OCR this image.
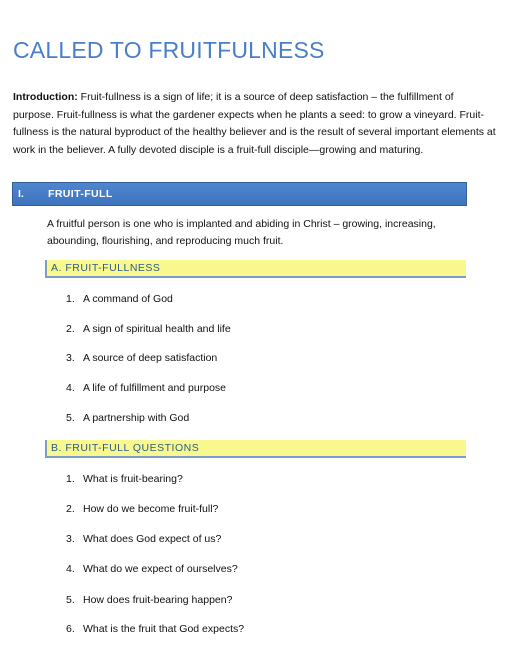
CALLED TO FRUITFULNESS
Introduction: Fruit-fullness is a sign of life; it is a source of deep satisfaction – the fulfillment of purpose. Fruit-fullness is what the gardener expects when he plants a seed: to grow a vineyard. Fruit-fullness is the natural byproduct of the healthy believer and is the result of several important elements at work in the believer. A fully devoted disciple is a fruit-full disciple—growing and maturing.
I. FRUIT-FULL
A fruitful person is one who is implanted and abiding in Christ – growing, increasing, abounding, flourishing, and reproducing much fruit.
A. FRUIT-FULLNESS
1. A command of God
2. A sign of spiritual health and life
3. A source of deep satisfaction
4. A life of fulfillment and purpose
5. A partnership with God
B. FRUIT-FULL QUESTIONS
1. What is fruit-bearing?
2. How do we become fruit-full?
3. What does God expect of us?
4. What do we expect of ourselves?
5. How does fruit-bearing happen?
6. What is the fruit that God expects?
